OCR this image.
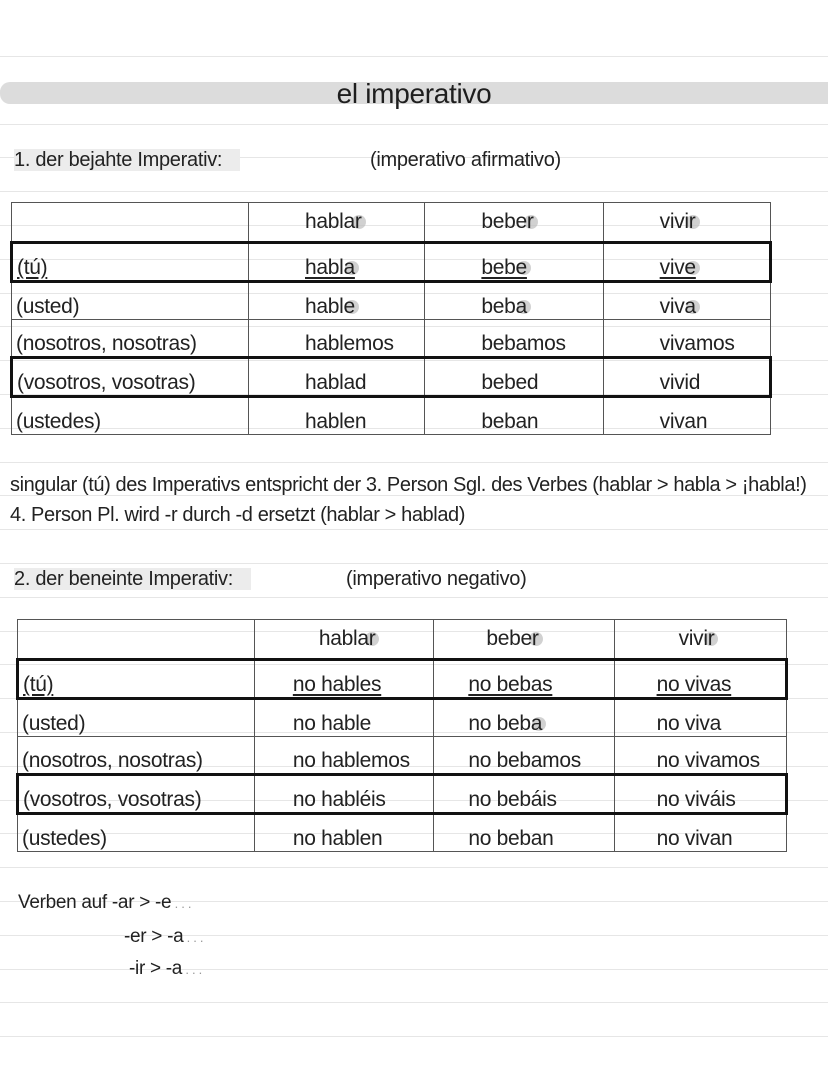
el imperativo
1. der bejahte Imperativ:	(imperativo afirmativo)
	hablar	beber	vivir
(tú)	habla	bebe	vive
(usted)	hable	beba	viva
(nosotros, nosotras)	hablemos	bebamos	vivamos
(vosotros, vosotras)	hablad	bebed	vivid
(ustedes)	hablen	beban	vivan
singular (tú) des Imperativs entspricht der 3. Person Sgl. des Verbes (hablar > habla > ¡habla!)
4. Person Pl. wird -r durch -d ersetzt (hablar > hablad)
2. der beneinte Imperativ:	(imperativo negativo)
	hablar	beber	vivir
(tú)	no hables	no bebas	no vivas
(usted)	no hable	no beba	no viva
(nosotros, nosotras)	no hablemos	no bebamos	no vivamos
(vosotros, vosotras)	no habléis	no bebáis	no viváis
(ustedes)	no hablen	no beban	no vivan
Verben auf -ar > -e . . .
-er > -a . . .
-ir > -a . . .
